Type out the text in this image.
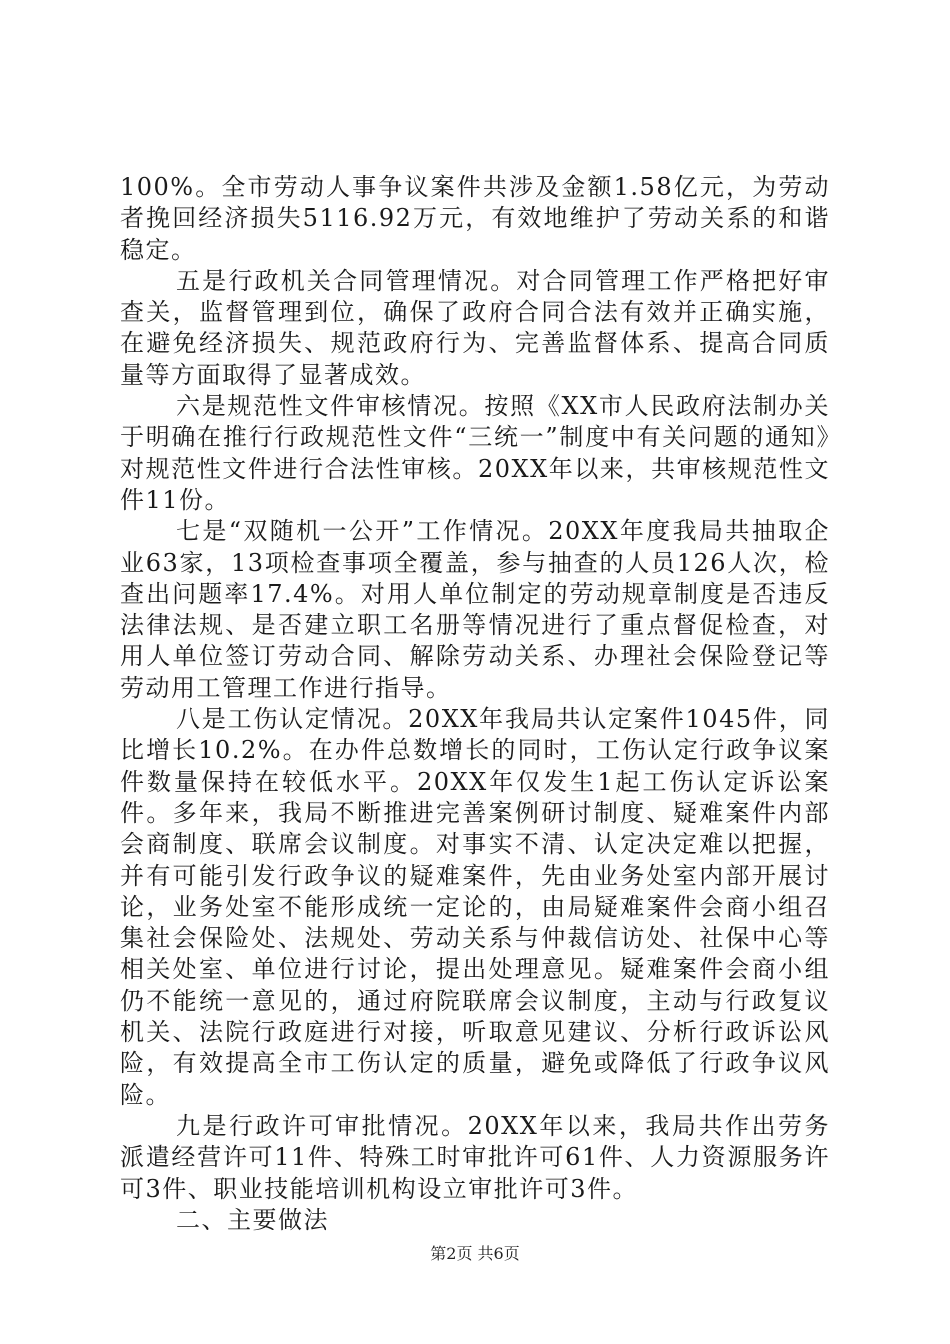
100%。全市劳动人事争议案件共涉及金额1.58亿元，为劳动者挽回经济损失5116.92万元，有效地维护了劳动关系的和谐稳定。

五是行政机关合同管理情况。对合同管理工作严格把好审查关，监督管理到位，确保了政府合同合法有效并正确实施，在避免经济损失、规范政府行为、完善监督体系、提高合同质量等方面取得了显著成效。

六是规范性文件审核情况。按照《XX市人民政府法制办关于明确在推行行政规范性文件“三统一”制度中有关问题的通知》对规范性文件进行合法性审核。20XX年以来，共审核规范性文件11份。

七是“双随机一公开”工作情况。20XX年度我局共抽取企业63家，13项检查事项全覆盖，参与抽查的人员126人次，检查出问题率17.4%。对用人单位制定的劳动规章制度是否违反法律法规、是否建立职工名册等情况进行了重点督促检查，对用人单位签订劳动合同、解除劳动关系、办理社会保险登记等劳动用工管理工作进行指导。

八是工伤认定情况。20XX年我局共认定案件1045件，同比增长10.2%。在办件总数增长的同时，工伤认定行政争议案件数量保持在较低水平。20XX年仅发生1起工伤认定诉讼案件。多年来，我局不断推进完善案例研讨制度、疑难案件内部会商制度、联席会议制度。对事实不清、认定决定难以把握，并有可能引发行政争议的疑难案件，先由业务处室内部开展讨论，业务处室不能形成统一定论的，由局疑难案件会商小组召集社会保险处、法规处、劳动关系与仲裁信访处、社保中心等相关处室、单位进行讨论，提出处理意见。疑难案件会商小组仍不能统一意见的，通过府院联席会议制度，主动与行政复议机关、法院行政庭进行对接，听取意见建议、分析行政诉讼风险，有效提高全市工伤认定的质量，避免或降低了行政争议风险。

九是行政许可审批情况。20XX年以来，我局共作出劳务派遣经营许可11件、特殊工时审批许可61件、人力资源服务许可3件、职业技能培训机构设立审批许可3件。

二、主要做法

第2页 共6页
